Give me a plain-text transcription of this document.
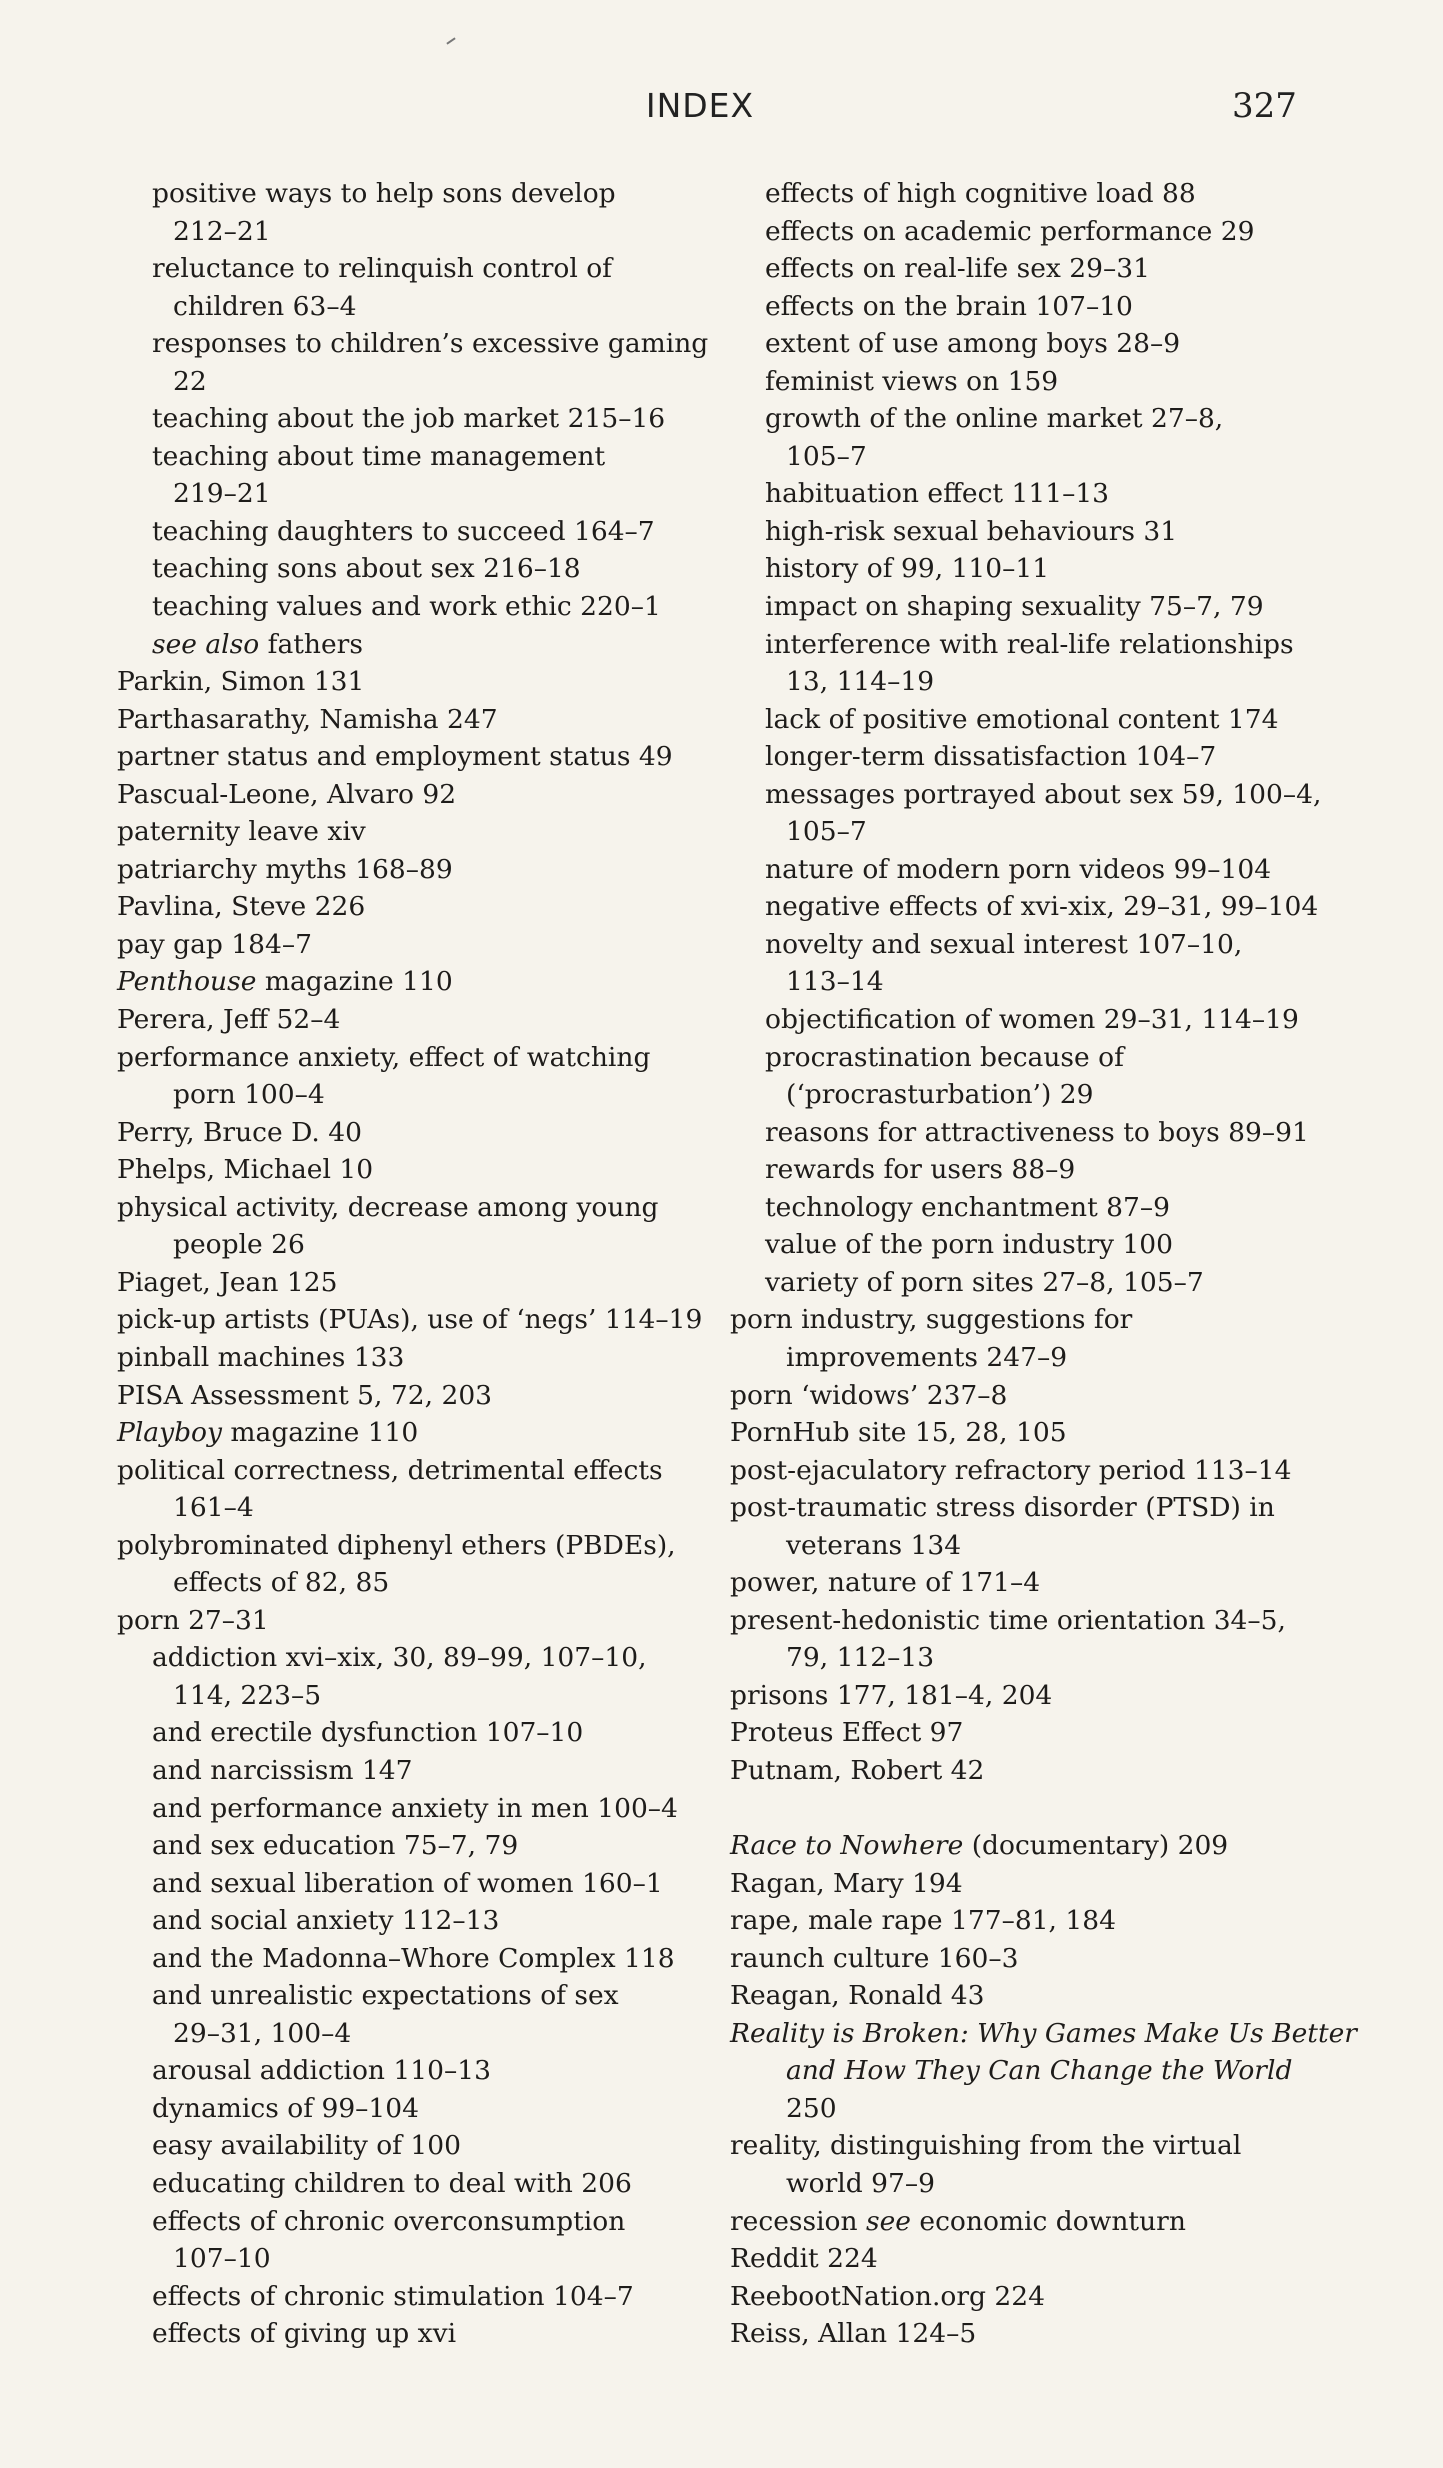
INDEX	327
positive ways to help sons develop
212–21
reluctance to relinquish control of
children 63–4
responses to children’s excessive gaming
22
teaching about the job market 215–16
teaching about time management
219–21
teaching daughters to succeed 164–7
teaching sons about sex 216–18
teaching values and work ethic 220–1
see also fathers
Parkin, Simon 131
Parthasarathy, Namisha 247
partner status and employment status 49
Pascual-Leone, Alvaro 92
paternity leave xiv
patriarchy myths 168–89
Pavlina, Steve 226
pay gap 184–7
Penthouse magazine 110
Perera, Jeff 52–4
performance anxiety, effect of watching
porn 100–4
Perry, Bruce D. 40
Phelps, Michael 10
physical activity, decrease among young
people 26
Piaget, Jean 125
pick-up artists (PUAs), use of ‘negs’ 114–19
pinball machines 133
PISA Assessment 5, 72, 203
Playboy magazine 110
political correctness, detrimental effects
161–4
polybrominated diphenyl ethers (PBDEs),
effects of 82, 85
porn 27–31
addiction xvi–xix, 30, 89–99, 107–10,
114, 223–5
and erectile dysfunction 107–10
and narcissism 147
and performance anxiety in men 100–4
and sex education 75–7, 79
and sexual liberation of women 160–1
and social anxiety 112–13
and the Madonna–Whore Complex 118
and unrealistic expectations of sex
29–31, 100–4
arousal addiction 110–13
dynamics of 99–104
easy availability of 100
educating children to deal with 206
effects of chronic overconsumption
107–10
effects of chronic stimulation 104–7
effects of giving up xvi
effects of high cognitive load 88
effects on academic performance 29
effects on real-life sex 29–31
effects on the brain 107–10
extent of use among boys 28–9
feminist views on 159
growth of the online market 27–8,
105–7
habituation effect 111–13
high-risk sexual behaviours 31
history of 99, 110–11
impact on shaping sexuality 75–7, 79
interference with real-life relationships
13, 114–19
lack of positive emotional content 174
longer-term dissatisfaction 104–7
messages portrayed about sex 59, 100–4,
105–7
nature of modern porn videos 99–104
negative effects of xvi-xix, 29–31, 99–104
novelty and sexual interest 107–10,
113–14
objectification of women 29–31, 114–19
procrastination because of
(‘procrasturbation’) 29
reasons for attractiveness to boys 89–91
rewards for users 88–9
technology enchantment 87–9
value of the porn industry 100
variety of porn sites 27–8, 105–7
porn industry, suggestions for
improvements 247–9
porn ‘widows’ 237–8
PornHub site 15, 28, 105
post-ejaculatory refractory period 113–14
post-traumatic stress disorder (PTSD) in
veterans 134
power, nature of 171–4
present-hedonistic time orientation 34–5,
79, 112–13
prisons 177, 181–4, 204
Proteus Effect 97
Putnam, Robert 42
Race to Nowhere (documentary) 209
Ragan, Mary 194
rape, male rape 177–81, 184
raunch culture 160–3
Reagan, Ronald 43
Reality is Broken: Why Games Make Us Better
and How They Can Change the World
250
reality, distinguishing from the virtual
world 97–9
recession see economic downturn
Reddit 224
ReebootNation.org 224
Reiss, Allan 124–5
